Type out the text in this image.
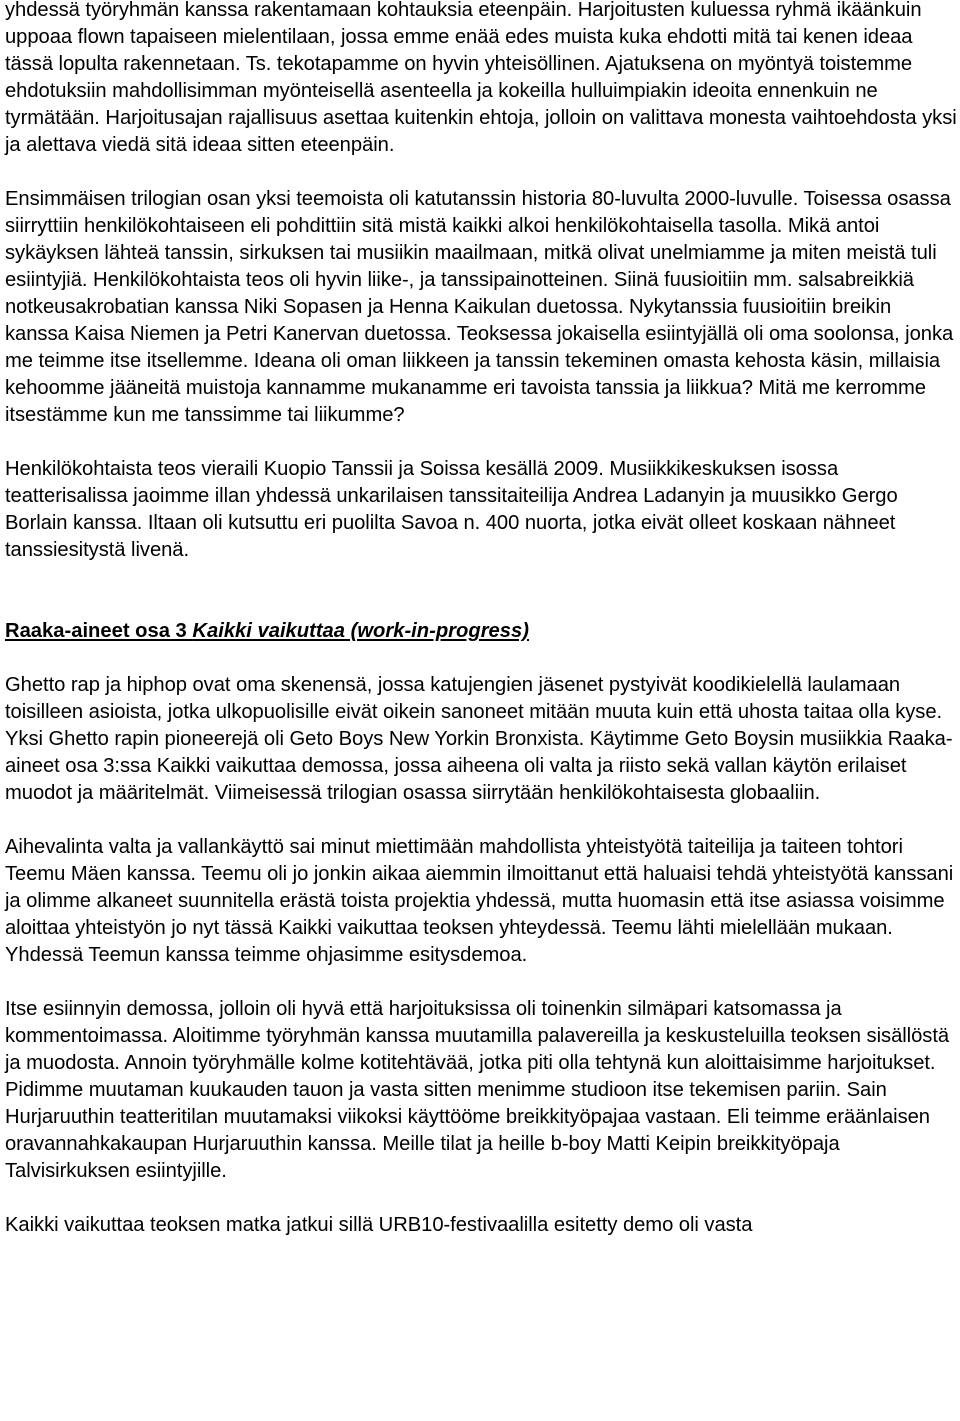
yhdessä työryhmän kanssa rakentamaan kohtauksia eteenpäin. Harjoitusten kuluessa ryhmä ikäänkuin uppoaa flown tapaiseen mielentilaan, jossa emme enää edes muista kuka ehdotti mitä tai kenen ideaa tässä lopulta rakennetaan. Ts. tekotapamme on hyvin yhteisöllinen. Ajatuksena on myöntyä toistemme ehdotuksiin mahdollisimman myönteisellä asenteella ja kokeilla hulluimpiakin ideoita ennenkuin ne tyrmätään. Harjoitusajan rajallisuus asettaa kuitenkin ehtoja, jolloin on valittava monesta vaihtoehdosta yksi ja alettava viedä sitä ideaa sitten eteenpäin.

Ensimmäisen trilogian osan yksi teemoista oli katutanssin historia 80-luvulta 2000-luvulle. Toisessa osassa siirryttiin henkilökohtaiseen eli pohdittiin sitä mistä kaikki alkoi henkilökohtaisella tasolla. Mikä antoi sykäyksen lähteä tanssin, sirkuksen tai musiikin maailmaan, mitkä olivat unelmiamme ja miten meistä tuli esiintyjiä. Henkilökohtaista teos oli hyvin liike-, ja tanssipainotteinen. Siinä fuusioitiin mm. salsabreikkiä notkeusakrobatian kanssa Niki Sopasen ja Henna Kaikulan duetossa. Nykytanssia fuusioitiin breikin kanssa Kaisa Niemen ja Petri Kanervan duetossa. Teoksessa jokaisella esiintyjällä oli oma soolonsa, jonka me teimme itse itsellemme. Ideana oli oman liikkeen ja tanssin tekeminen omasta kehosta käsin, millaisia kehoomme jääneitä muistoja kannamme mukanamme eri tavoista tanssia ja liikkua? Mitä me kerromme itsestämme kun me tanssimme tai liikumme?

Henkilökohtaista teos vieraili Kuopio Tanssii ja Soissa kesällä 2009. Musiikkikeskuksen isossa teatterisalissa jaoimme illan yhdessä unkarilaisen tanssitaiteilija Andrea Ladanyin ja muusikko Gergo Borlain kanssa. Iltaan oli kutsuttu eri puolilta Savoa n. 400 nuorta, jotka eivät olleet koskaan nähneet tanssiesitystä livenä.

Raaka-aineet osa 3 Kaikki vaikuttaa (work-in-progress)

Ghetto rap ja hiphop ovat oma skenensä, jossa katujengien jäsenet pystyivät koodikielellä laulamaan toisilleen asioista, jotka ulkopuolisille eivät oikein sanoneet mitään muuta kuin että uhosta taitaa olla kyse. Yksi Ghetto rapin pioneerejä oli Geto Boys New Yorkin Bronxista. Käytimme Geto Boysin musiikkia Raaka-aineet osa 3:ssa Kaikki vaikuttaa demossa, jossa aiheena oli valta ja riisto sekä vallan käytön erilaiset muodot ja määritelmät. Viimeisessä trilogian osassa siirrytään henkilökohtaisesta globaaliin.

Aihevalinta valta ja vallankäyttö sai minut miettimään mahdollista yhteistyötä taiteilija ja taiteen tohtori Teemu Mäen kanssa. Teemu oli jo jonkin aikaa aiemmin ilmoittanut että haluaisi tehdä yhteistyötä kanssani ja olimme alkaneet suunnitella erästä toista projektia yhdessä, mutta huomasin että itse asiassa voisimme aloittaa yhteistyön jo nyt tässä Kaikki vaikuttaa teoksen yhteydessä. Teemu lähti mielellään mukaan. Yhdessä Teemun kanssa teimme ohjasimme esitysdemoa.

Itse esiinnyin demossa, jolloin oli hyvä että harjoituksissa oli toinenkin silmäpari katsomassa ja kommentoimassa. Aloitimme työryhmän kanssa muutamilla palavereilla ja keskusteluilla teoksen sisällöstä ja muodosta. Annoin työryhmälle kolme kotitehtävää, jotka piti olla tehtynä kun aloittaisimme harjoitukset. Pidimme muutaman kuukauden tauon ja vasta sitten menimme studioon itse tekemisen pariin. Sain Hurjaruuthin teatteritilan muutamaksi viikoksi käyttööme breikkityöpajaa vastaan. Eli teimme eräänlaisen oravannahkakaupan Hurjaruuthin kanssa. Meille tilat ja heille b-boy Matti Keipin breikkityöpaja Talvisirkuksen esiintyjille.

Kaikki vaikuttaa teoksen matka jatkui sillä URB10-festivaalilla esitetty demo oli vasta
